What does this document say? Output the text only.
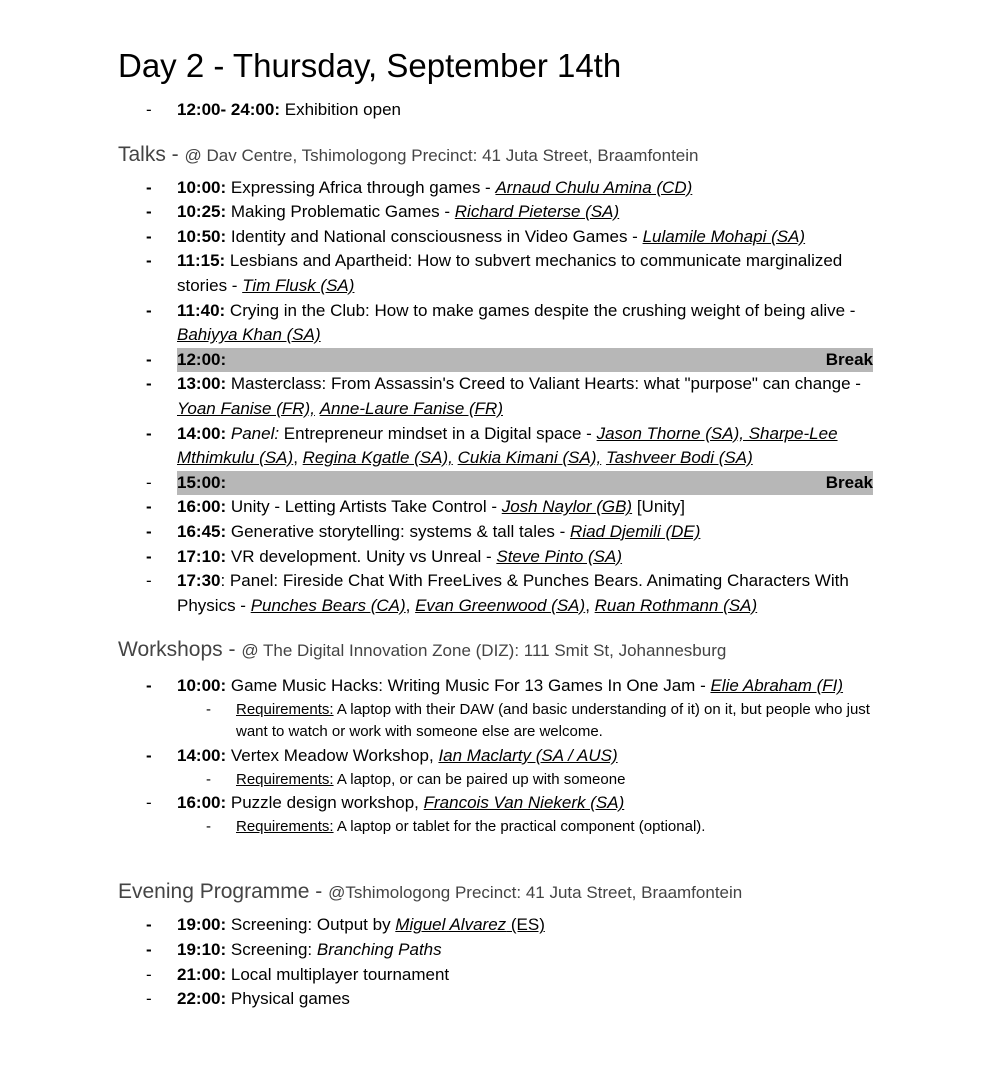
Day 2 - Thursday, September 14th
- 12:00- 24:00: Exhibition open

Talks - @ Dav Centre, Tshimologong Precinct: 41 Juta Street, Braamfontein

- 10:00: Expressing Africa through games - Arnaud Chulu Amina (CD)
- 10:25: Making Problematic Games - Richard Pieterse (SA)
- 10:50: Identity and National consciousness in Video Games - Lulamile Mohapi (SA)
- 11:15: Lesbians and Apartheid: How to subvert mechanics to communicate marginalized stories - Tim Flusk (SA)
- 11:40: Crying in the Club: How to make games despite the crushing weight of being alive - Bahiyya Khan (SA)
- 12:00:	Break
- 13:00: Masterclass: From Assassin's Creed to Valiant Hearts: what "purpose" can change - Yoan Fanise (FR), Anne-Laure Fanise (FR)
- 14:00: Panel: Entrepreneur mindset in a Digital space - Jason Thorne (SA), Sharpe-Lee Mthimkulu (SA), Regina Kgatle (SA), Cukia Kimani (SA), Tashveer Bodi (SA)
- 15:00:	Break
- 16:00: Unity - Letting Artists Take Control - Josh Naylor (GB) [Unity]
- 16:45: Generative storytelling: systems & tall tales - Riad Djemili (DE)
- 17:10: VR development. Unity vs Unreal - Steve Pinto (SA)
- 17:30: Panel: Fireside Chat With FreeLives & Punches Bears. Animating Characters With Physics - Punches Bears (CA), Evan Greenwood (SA), Ruan Rothmann (SA)

Workshops - @ The Digital Innovation Zone (DIZ): 111 Smit St, Johannesburg

- 10:00: Game Music Hacks: Writing Music For 13 Games In One Jam - Elie Abraham (FI)
- Requirements: A laptop with their DAW (and basic understanding of it) on it, but people who just want to watch or work with someone else are welcome.
- 14:00: Vertex Meadow Workshop, Ian Maclarty (SA / AUS)
- Requirements: A laptop, or can be paired up with someone
- 16:00: Puzzle design workshop, Francois Van Niekerk (SA)
- Requirements: A laptop or tablet for the practical component (optional).

Evening Programme - @Tshimologong Precinct: 41 Juta Street, Braamfontein

- 19:00: Screening: Output by Miguel Alvarez (ES)
- 19:10: Screening: Branching Paths
- 21:00: Local multiplayer tournament
- 22:00: Physical games
